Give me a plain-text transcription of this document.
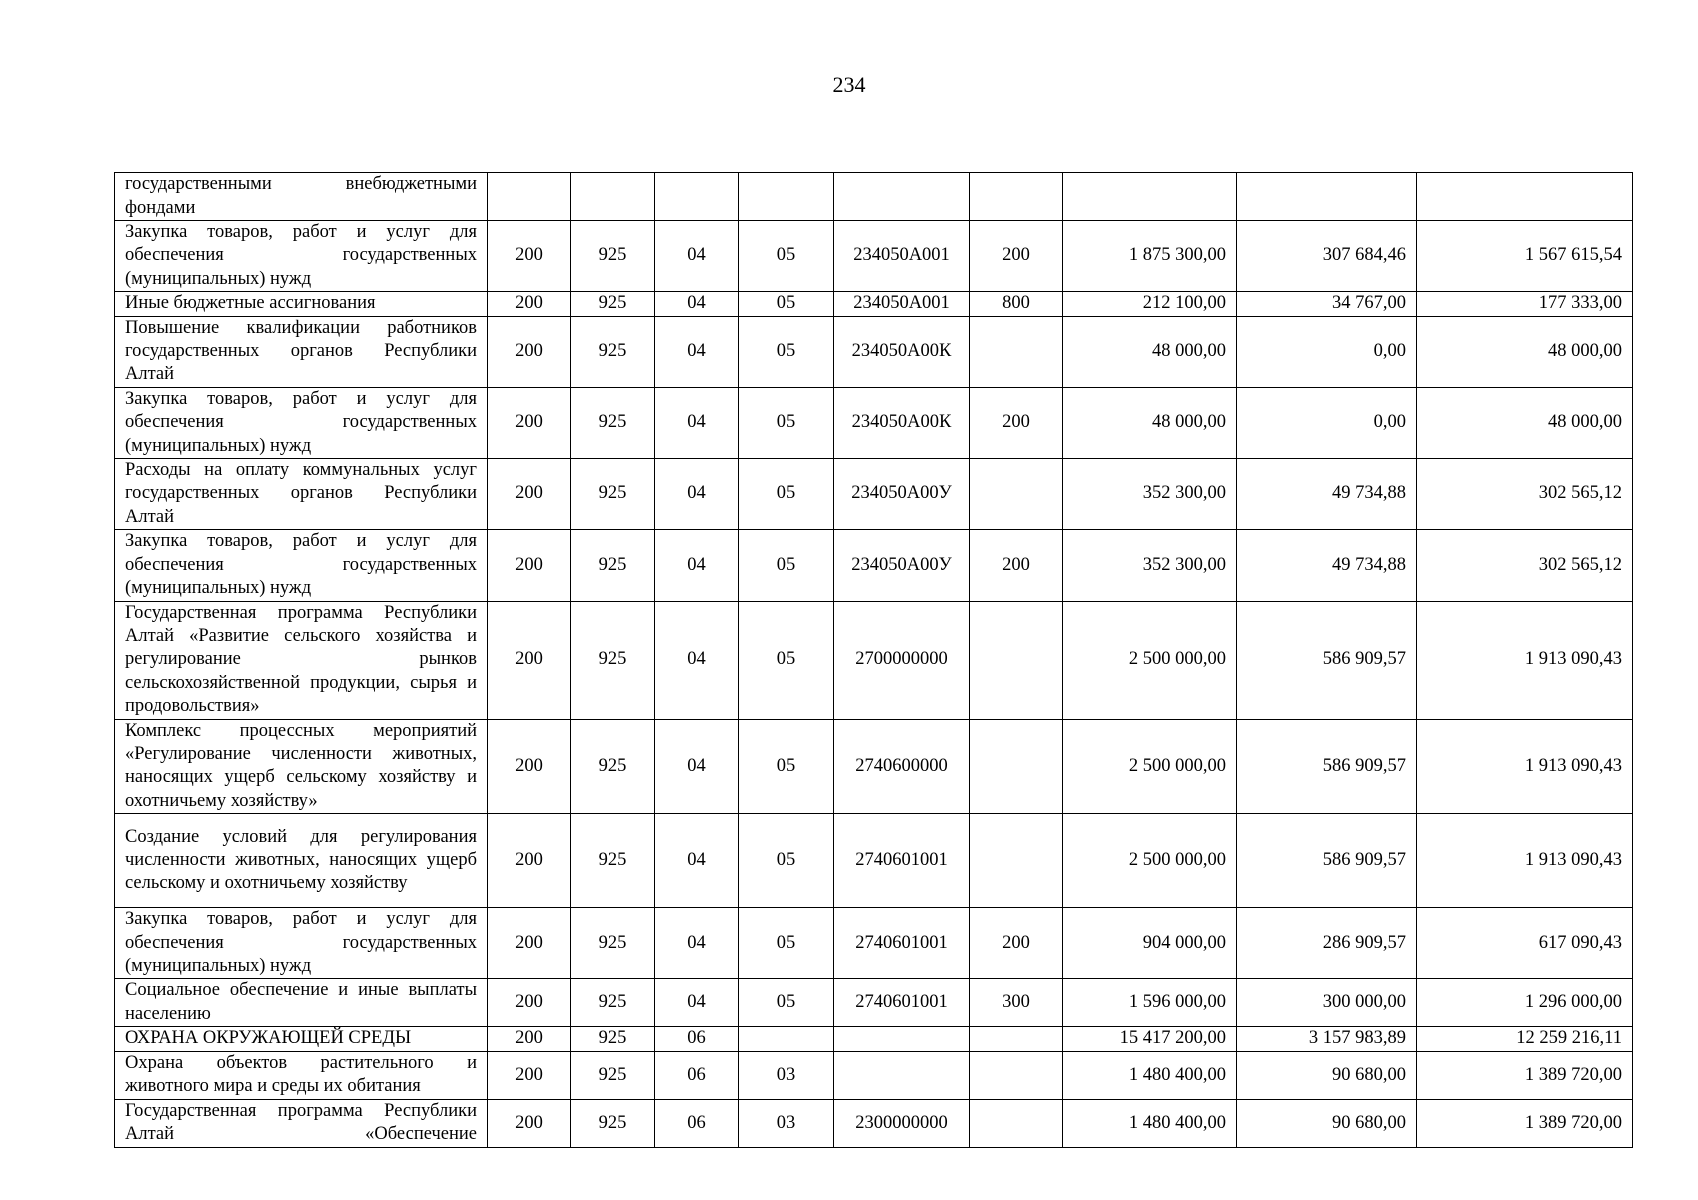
234
государственными внебюджетными фондами									
Закупка товаров, работ и услуг для обеспечения государственных (муниципальных) нужд	200	925	04	05	234050А001	200	1 875 300,00	307 684,46	1 567 615,54
Иные бюджетные ассигнования	200	925	04	05	234050А001	800	212 100,00	34 767,00	177 333,00
Повышение квалификации работников государственных органов Республики Алтай	200	925	04	05	234050А00К		48 000,00	0,00	48 000,00
Закупка товаров, работ и услуг для обеспечения государственных (муниципальных) нужд	200	925	04	05	234050А00К	200	48 000,00	0,00	48 000,00
Расходы на оплату коммунальных услуг государственных органов Республики Алтай	200	925	04	05	234050А00У		352 300,00	49 734,88	302 565,12
Закупка товаров, работ и услуг для обеспечения государственных (муниципальных) нужд	200	925	04	05	234050А00У	200	352 300,00	49 734,88	302 565,12
Государственная программа Республики Алтай «Развитие сельского хозяйства и регулирование рынков сельскохозяйственной продукции, сырья и продовольствия»	200	925	04	05	2700000000		2 500 000,00	586 909,57	1 913 090,43
Комплекс процессных мероприятий «Регулирование численности животных, наносящих ущерб сельскому хозяйству и охотничьему хозяйству»	200	925	04	05	2740600000		2 500 000,00	586 909,57	1 913 090,43
Создание условий для регулирования численности животных, наносящих ущерб сельскому и охотничьему хозяйству	200	925	04	05	2740601001		2 500 000,00	586 909,57	1 913 090,43
Закупка товаров, работ и услуг для обеспечения государственных (муниципальных) нужд	200	925	04	05	2740601001	200	904 000,00	286 909,57	617 090,43
Социальное обеспечение и иные выплаты населению	200	925	04	05	2740601001	300	1 596 000,00	300 000,00	1 296 000,00
ОХРАНА ОКРУЖАЮЩЕЙ СРЕДЫ	200	925	06				15 417 200,00	3 157 983,89	12 259 216,11
Охрана объектов растительного и животного мира и среды их обитания	200	925	06	03			1 480 400,00	90 680,00	1 389 720,00
Государственная программа Республики Алтай «Обеспечение	200	925	06	03	2300000000		1 480 400,00	90 680,00	1 389 720,00
